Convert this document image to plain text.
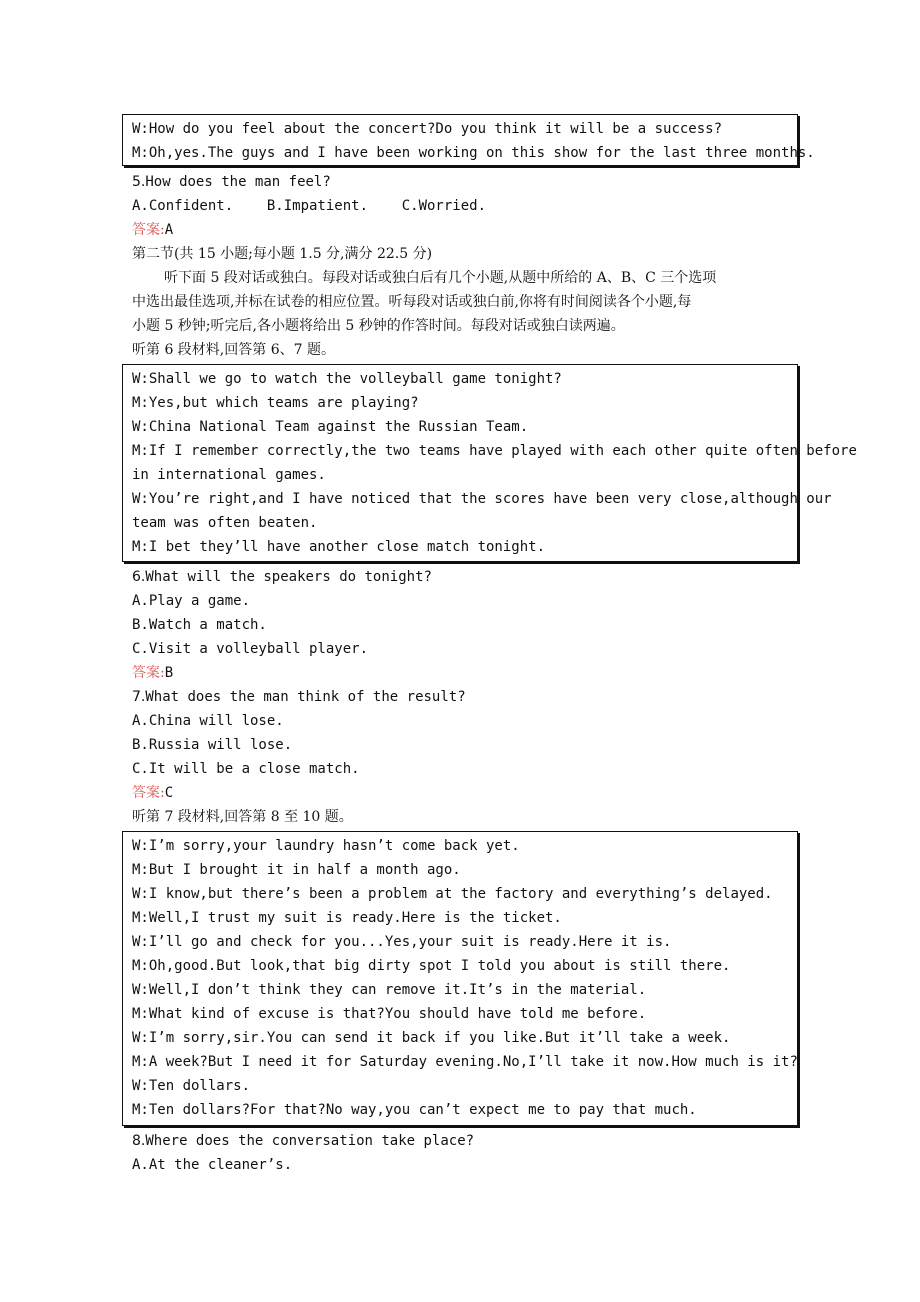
W:How do you feel about the concert?Do you think it will be a success?
M:Oh,yes.The guys and I have been working on this show for the last three months.
5.How does the man feel?
A.Confident.    B.Impatient.    C.Worried.
答案:A
第二节(共 15 小题;每小题 1.5 分,满分 22.5 分)
听下面 5 段对话或独白。每段对话或独白后有几个小题,从题中所给的 A、B、C 三个选项
中选出最佳选项,并标在试卷的相应位置。听每段对话或独白前,你将有时间阅读各个小题,每
小题 5 秒钟;听完后,各小题将给出 5 秒钟的作答时间。每段对话或独白读两遍。
听第 6 段材料,回答第 6、7 题。
W:Shall we go to watch the volleyball game tonight?
M:Yes,but which teams are playing?
W:China National Team against the Russian Team.
M:If I remember correctly,the two teams have played with each other quite often before
in international games.
W:You’re right,and I have noticed that the scores have been very close,although our
team was often beaten.
M:I bet they’ll have another close match tonight.
6.What will the speakers do tonight?
A.Play a game.
B.Watch a match.
C.Visit a volleyball player.
答案:B
7.What does the man think of the result?
A.China will lose.
B.Russia will lose.
C.It will be a close match.
答案:C
听第 7 段材料,回答第 8 至 10 题。
W:I’m sorry,your laundry hasn’t come back yet.
M:But I brought it in half a month ago.
W:I know,but there’s been a problem at the factory and everything’s delayed.
M:Well,I trust my suit is ready.Here is the ticket.
W:I’ll go and check for you...Yes,your suit is ready.Here it is.
M:Oh,good.But look,that big dirty spot I told you about is still there.
W:Well,I don’t think they can remove it.It’s in the material.
M:What kind of excuse is that?You should have told me before.
W:I’m sorry,sir.You can send it back if you like.But it’ll take a week.
M:A week?But I need it for Saturday evening.No,I’ll take it now.How much is it?
W:Ten dollars.
M:Ten dollars?For that?No way,you can’t expect me to pay that much.
8.Where does the conversation take place?
A.At the cleaner’s.
